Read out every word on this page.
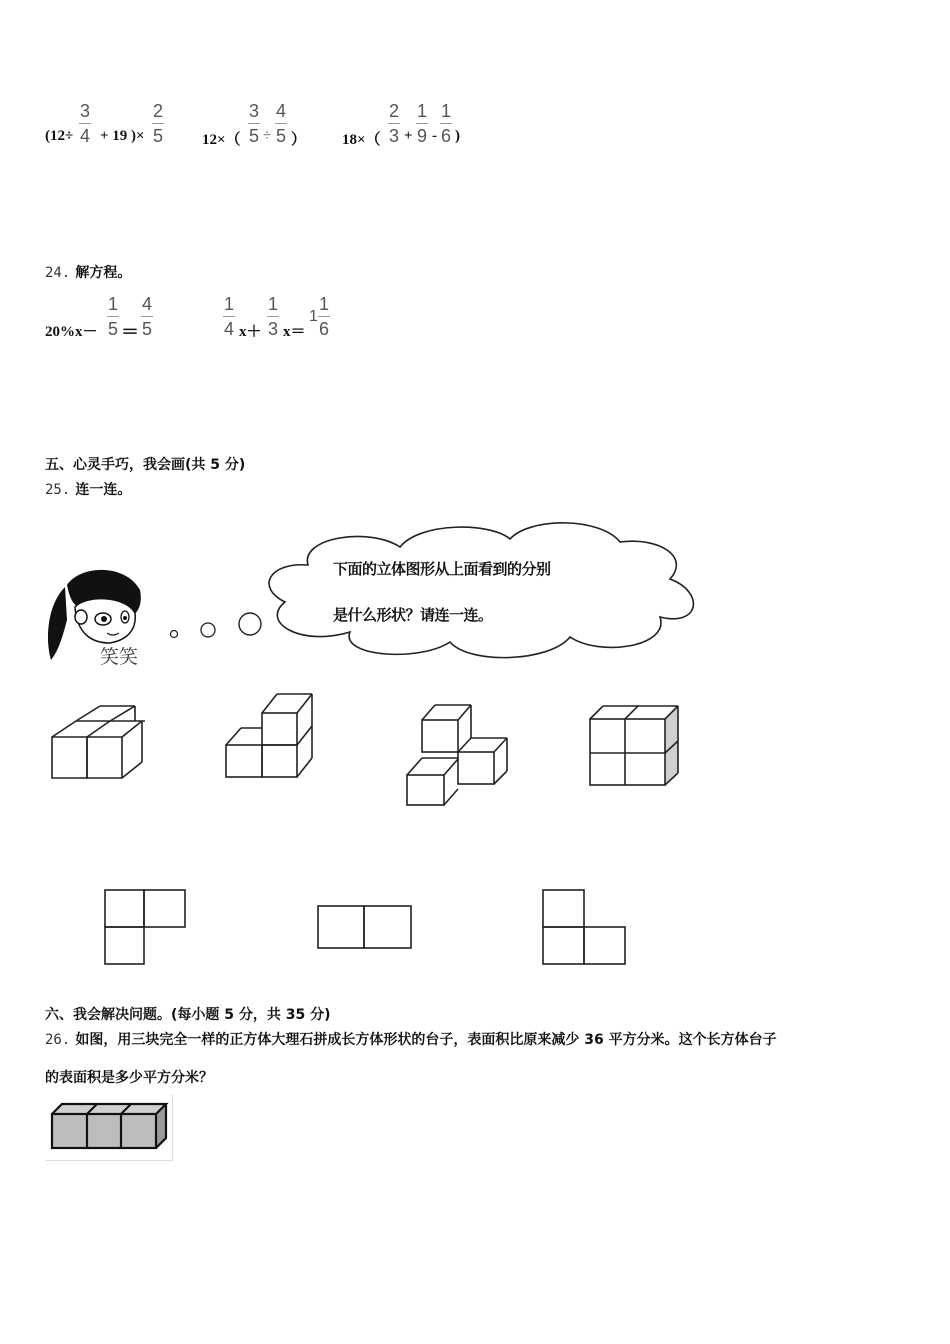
(12÷
3
4 + 19 )×
2
5	12×（
3
5 ÷
4
5 ） 18×（
2
3 +
1
9 -
1
6 )
24. 解方程。
20%x－
1
5 ＝
4
5
1
4 x＋
1
3 x＝
1
1
6
五、心灵手巧，我会画(共 5 分)
25. 连一连。
笑笑
下面的立体图形从上面看到的分别
是什么形状？请连一连。
六、我会解决问题。(每小题 5 分，共 35 分)
26. 如图，用三块完全一样的正方体大理石拼成长方体形状的台子，表面积比原来减少 36 平方分米。这个长方体台子
的表面积是多少平方分米？
